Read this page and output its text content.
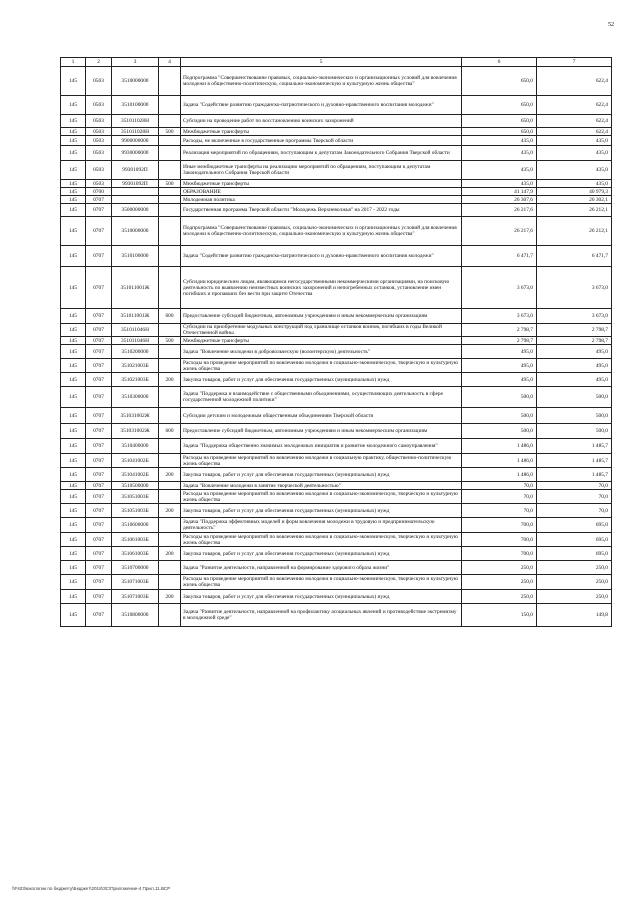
52
1	2	3	4	5	6	7
145	0503	3510000000		Подпрограмма "Совершенствование правовых, социально-экономических и организационных условий для вовлечения молодежи в общественно-политическую, социально-экономическую и культурную жизнь общества"	650,0	622,4
145	0503	3510100000		Задача "Содействие развитию гражданско-патриотического и духовно-нравственного воспитания молодежи"	650,0	622,4
145	0503	351011028Н		Субсидии на проведение работ по восстановлению воинских захоронений	650,0	622,4
145	0503	351011028Н	500	Межбюджетные трансферты	650,0	622,4
145	0503	9900000000		Расходы, не включенные в государственные программы Тверской области	435,0	435,0
145	0503	9930000000		Реализация мероприятий по обращениям, поступающим к депутатам Законодательного Собрания Тверской области	435,0	435,0
145	0503	99301092П		Иные межбюджетные трансферты на реализацию мероприятий по обращениям, поступающим к депутатам Законодательного Собрания Тверской области	435,0	435,0
145	0503	99301092П	500	Межбюджетные трансферты	435,0	435,0
145	0700			ОБРАЗОВАНИЕ	41 147,9	40 979,3
145	0707			Молодежная политика	26 307,6	26 302,1
145	0707	3500000000		Государственная программа Тверской области "Молодежь Верхневолжья" на 2017 - 2022 годы	26 217,6	26 212,1
145	0707	3510000000		Подпрограмма "Совершенствование правовых, социально-экономических и организационных условий для вовлечения молодежи в общественно-политическую, социально-экономическую и культурную жизнь общества"	26 217,6	26 212,1
145	0707	3510100000		Задача "Содействие развитию гражданско-патриотического и духовно-нравственного воспитания молодежи"	6 471,7	6 471,7
145	0707	351011001Ж		Субсидии юридическим лицам, являющимся негосударственными некоммерческими организациями, на поисковую деятельность по выявлению неизвестных воинских захоронений и непогребенных останков, установление имен погибших и пропавших без вести при защите Отечества	3 673,0	3 673,0
145	0707	351011001Ж	600	Предоставление субсидий бюджетным, автономным учреждениям и иным некоммерческим организациям	3 673,0	3 673,0
145	0707	351011046Н		Субсидии на приобретение модульных конструкций под хранилище останков воинов, погибших в годы Великой Отечественной войны	2 798,7	2 798,7
145	0707	351011046Н	500	Межбюджетные трансферты	2 798,7	2 798,7
145	0707	3510200000		Задача "Вовлечение молодежи в добровольческую (волонтерскую) деятельность"	495,0	495,0
145	0707	351021003Б		Расходы на проведение мероприятий по вовлечению молодежи в социально-экономическую, творческую и культурную жизнь общества	495,0	495,0
145	0707	351021003Б	200	Закупка товаров, работ и услуг для обеспечения государственных (муниципальных) нужд	495,0	495,0
145	0707	3510300000		Задача "Поддержка и взаимодействие с общественными объединениями, осуществляющих деятельность в сфере государственной молодежной политики"	500,0	500,0
145	0707	351031002Ж		Субсидии детским и молодежным общественным объединениям Тверской области	500,0	500,0
145	0707	351031002Ж	600	Предоставление субсидий бюджетным, автономным учреждениям и иным некоммерческим организациям	500,0	500,0
145	0707	3510400000		Задача "Поддержка общественно значимых молодежных инициатив и развитие молодежного самоуправления"	1 486,0	1 485,7
145	0707	351041002Б		Расходы на проведение мероприятий по вовлечению молодежи в социальную практику, общественно-политическую жизнь общества	1 486,0	1 485,7
145	0707	351041002Б	200	Закупка товаров, работ и услуг для обеспечения государственных (муниципальных) нужд	1 486,0	1 485,7
145	0707	3510500000		Задача "Вовлечение молодежи в занятие творческой деятельностью"	70,0	70,0
145	0707	351051003Б		Расходы на проведение мероприятий по вовлечению молодежи в социально-экономическую, творческую и культурную жизнь общества	70,0	70,0
145	0707	351051003Б	200	Закупка товаров, работ и услуг для обеспечения государственных (муниципальных) нужд	70,0	70,0
145	0707	3510600000		Задача "Поддержка эффективных моделей и форм вовлечения молодежи в трудовую и предпринимательскую деятельность"	700,0	695,0
145	0707	351061003Б		Расходы на проведение мероприятий по вовлечению молодежи в социально-экономическую, творческую и культурную жизнь общества	700,0	695,0
145	0707	351061003Б	200	Закупка товаров, работ и услуг для обеспечения государственных (муниципальных) нужд	700,0	695,0
145	0707	3510700000		Задача "Развитие деятельности, направленной на формирование здорового образа жизни"	250,0	250,0
145	0707	351071003Б		Расходы на проведение мероприятий по вовлечению молодежи в социально-экономическую, творческую и культурную жизнь общества	250,0	250,0
145	0707	351071003Б	200	Закупка товаров, работ и услуг для обеспечения государственных (муниципальных) нужд	250,0	250,0
145	0707	3510800000		Задача "Развитие деятельности, направленной на профилактику асоциальных явлений и противодействие экстремизму в молодежной среде"	150,0	149,8
\\Fs03\юкологии по бюджету\Бюджет\2018\ЗС\Приложение-4 Прил.11.ВСР
